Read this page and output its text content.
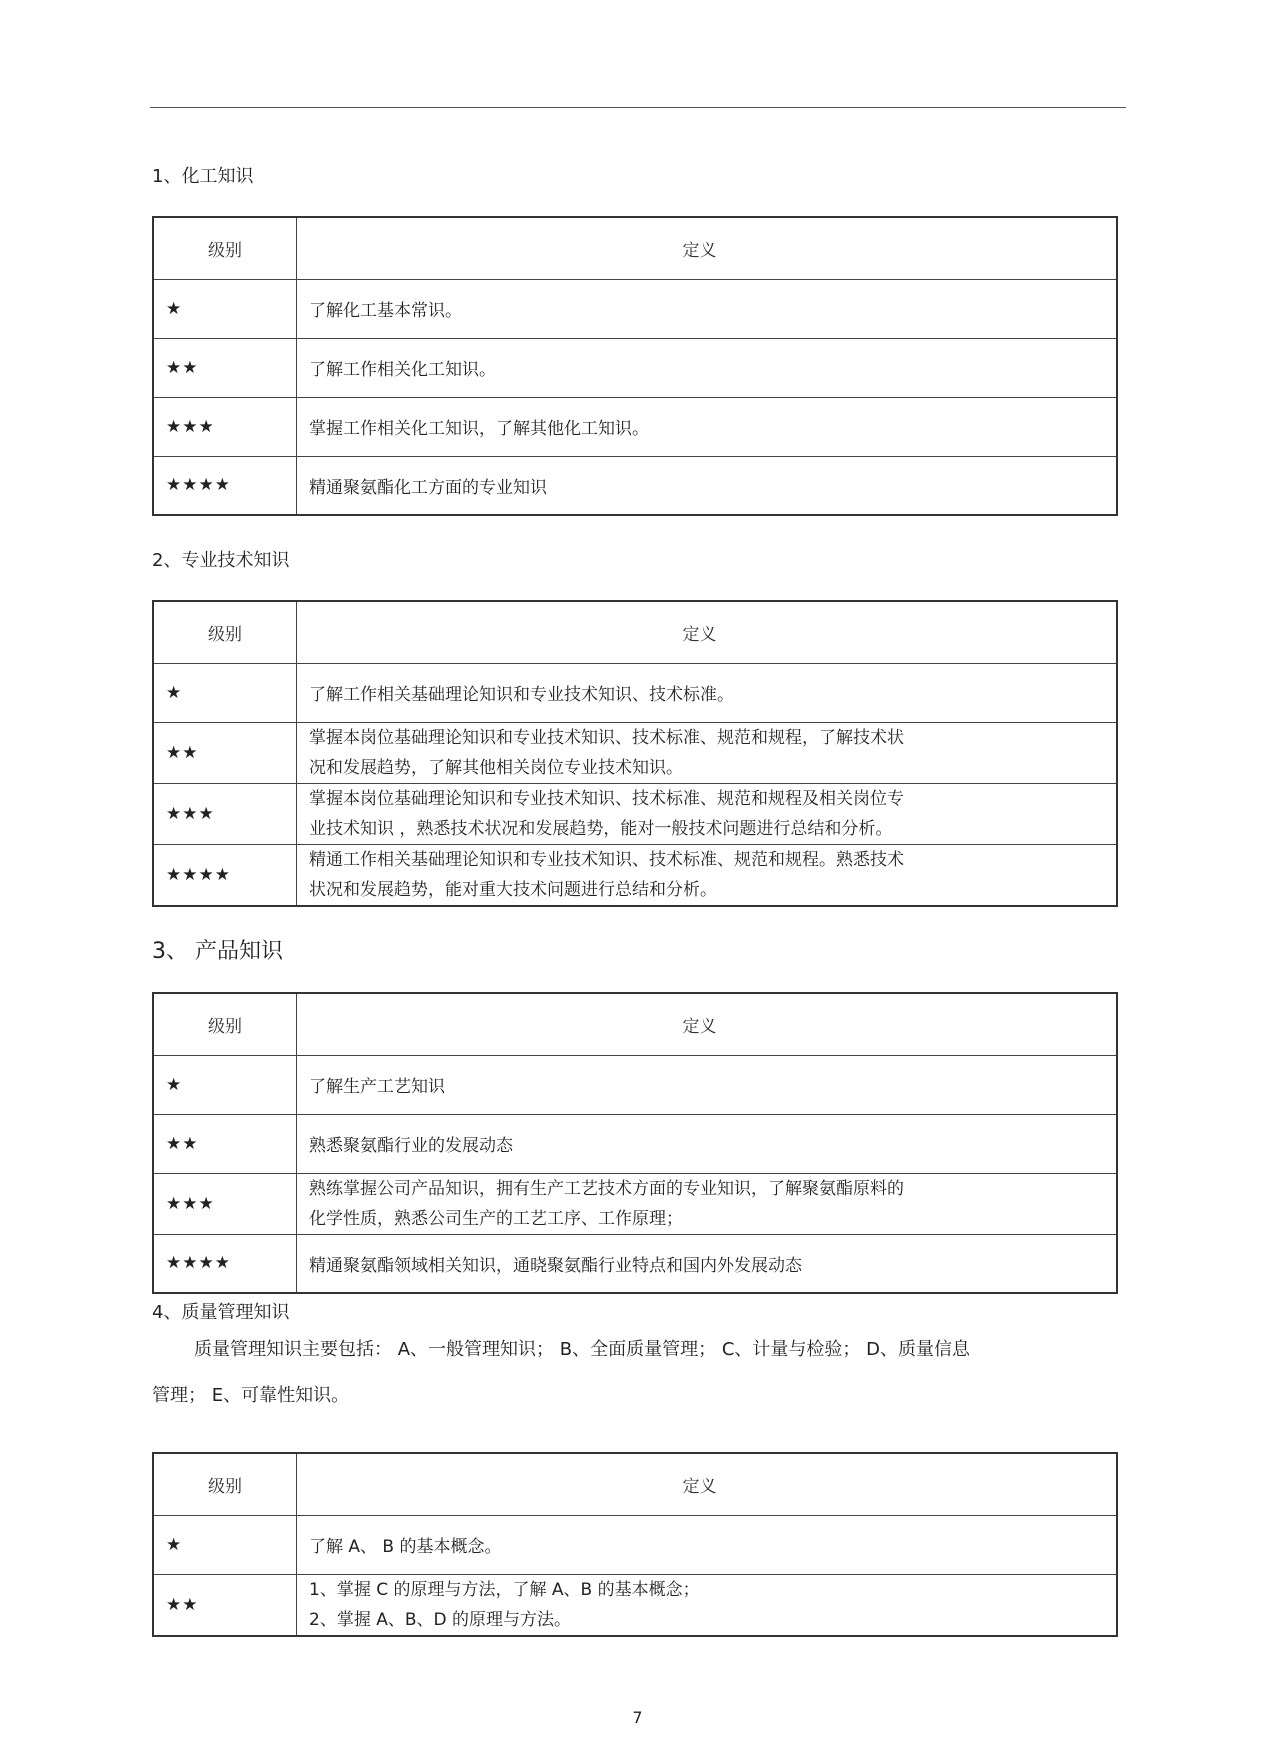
1、化工知识
级别	定义
★	了解化工基本常识。

★★	了解工作相关化工知识。

★★★	掌握工作相关化工知识，了解其他化工知识。

★★★★	精通聚氨酯化工方面的专业知识
2、专业技术知识
级别	定义
★	了解工作相关基础理论知识和专业技术知识、技术标准。

★★	掌握本岗位基础理论知识和专业技术知识、技术标准、规范和规程，了解技术状
况和发展趋势，了解其他相关岗位专业技术知识。

★★★	掌握本岗位基础理论知识和专业技术知识、技术标准、规范和规程及相关岗位专
业技术知识 ，熟悉技术状况和发展趋势，能对一般技术问题进行总结和分析。

★★★★	精通工作相关基础理论知识和专业技术知识、技术标准、规范和规程。熟悉技术
状况和发展趋势，能对重大技术问题进行总结和分析。
3、 产品知识
级别	定义
★	了解生产工艺知识

★★	熟悉聚氨酯行业的发展动态

★★★	熟练掌握公司产品知识，拥有生产工艺技术方面的专业知识，了解聚氨酯原料的
化学性质，熟悉公司生产的工艺工序、工作原理；

★★★★	精通聚氨酯领域相关知识，通晓聚氨酯行业特点和国内外发展动态
4、质量管理知识
质量管理知识主要包括： A、一般管理知识； B、全面质量管理； C、计量与检验； D、质量信息
管理； E、可靠性知识。
级别	定义
★	了解 A、 B 的基本概念。

★★	1、掌握 C 的原理与方法，了解 A、B 的基本概念；
2、掌握 A、B、D 的原理与方法。
7
